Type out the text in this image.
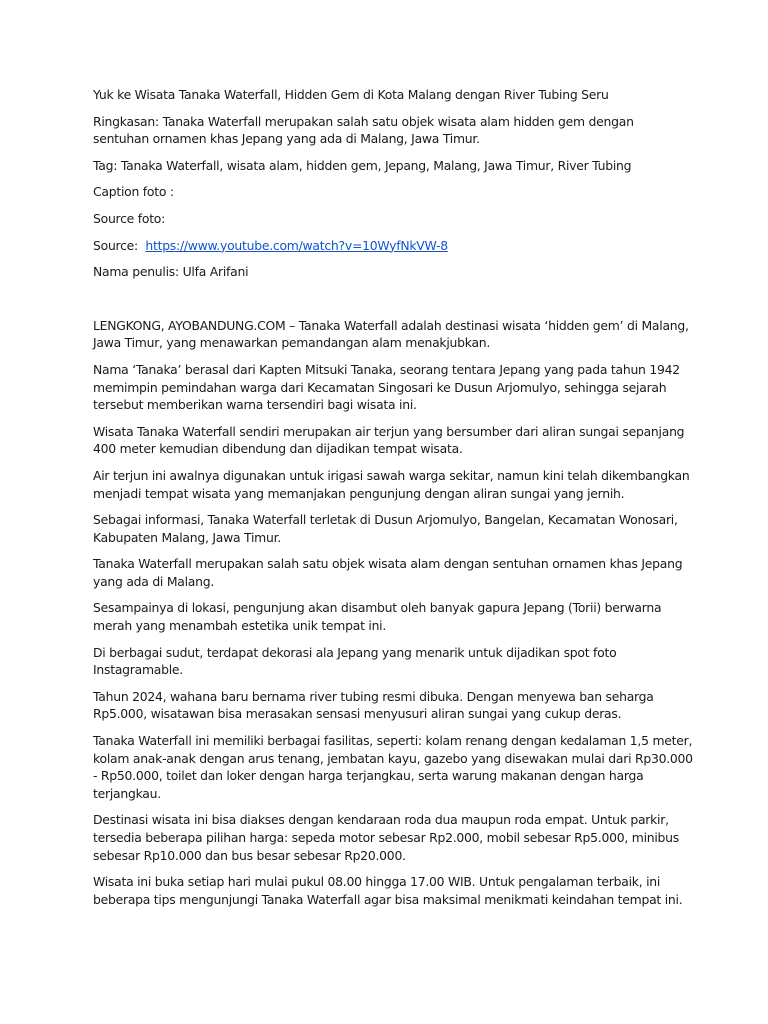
Yuk ke Wisata Tanaka Waterfall, Hidden Gem di Kota Malang dengan River Tubing Seru

Ringkasan: Tanaka Waterfall merupakan salah satu objek wisata alam hidden gem dengan sentuhan ornamen khas Jepang yang ada di Malang, Jawa Timur.

Tag: Tanaka Waterfall, wisata alam, hidden gem, Jepang, Malang, Jawa Timur, River Tubing

Caption foto :

Source foto:

Source: https://www.youtube.com/watch?v=10WyfNkVW-8

Nama penulis: Ulfa Arifani

LENGKONG, AYOBANDUNG.COM – Tanaka Waterfall adalah destinasi wisata ‘hidden gem’ di Malang, Jawa Timur, yang menawarkan pemandangan alam menakjubkan.

Nama ‘Tanaka’ berasal dari Kapten Mitsuki Tanaka, seorang tentara Jepang yang pada tahun 1942 memimpin pemindahan warga dari Kecamatan Singosari ke Dusun Arjomulyo, sehingga sejarah tersebut memberikan warna tersendiri bagi wisata ini.

Wisata Tanaka Waterfall sendiri merupakan air terjun yang bersumber dari aliran sungai sepanjang 400 meter kemudian dibendung dan dijadikan tempat wisata.

Air terjun ini awalnya digunakan untuk irigasi sawah warga sekitar, namun kini telah dikembangkan menjadi tempat wisata yang memanjakan pengunjung dengan aliran sungai yang jernih.

Sebagai informasi, Tanaka Waterfall terletak di Dusun Arjomulyo, Bangelan, Kecamatan Wonosari, Kabupaten Malang, Jawa Timur.

Tanaka Waterfall merupakan salah satu objek wisata alam dengan sentuhan ornamen khas Jepang yang ada di Malang.

Sesampainya di lokasi, pengunjung akan disambut oleh banyak gapura Jepang (Torii) berwarna merah yang menambah estetika unik tempat ini.

Di berbagai sudut, terdapat dekorasi ala Jepang yang menarik untuk dijadikan spot foto Instagramable.

Tahun 2024, wahana baru bernama river tubing resmi dibuka. Dengan menyewa ban seharga Rp5.000, wisatawan bisa merasakan sensasi menyusuri aliran sungai yang cukup deras.

Tanaka Waterfall ini memiliki berbagai fasilitas, seperti: kolam renang dengan kedalaman 1,5 meter, kolam anak-anak dengan arus tenang, jembatan kayu, gazebo yang disewakan mulai dari Rp30.000 - Rp50.000, toilet dan loker dengan harga terjangkau, serta warung makanan dengan harga terjangkau.

Destinasi wisata ini bisa diakses dengan kendaraan roda dua maupun roda empat. Untuk parkir, tersedia beberapa pilihan harga: sepeda motor sebesar Rp2.000, mobil sebesar Rp5.000, minibus sebesar Rp10.000 dan bus besar sebesar Rp20.000.

Wisata ini buka setiap hari mulai pukul 08.00 hingga 17.00 WIB. Untuk pengalaman terbaik, ini beberapa tips mengunjungi Tanaka Waterfall agar bisa maksimal menikmati keindahan tempat ini.
